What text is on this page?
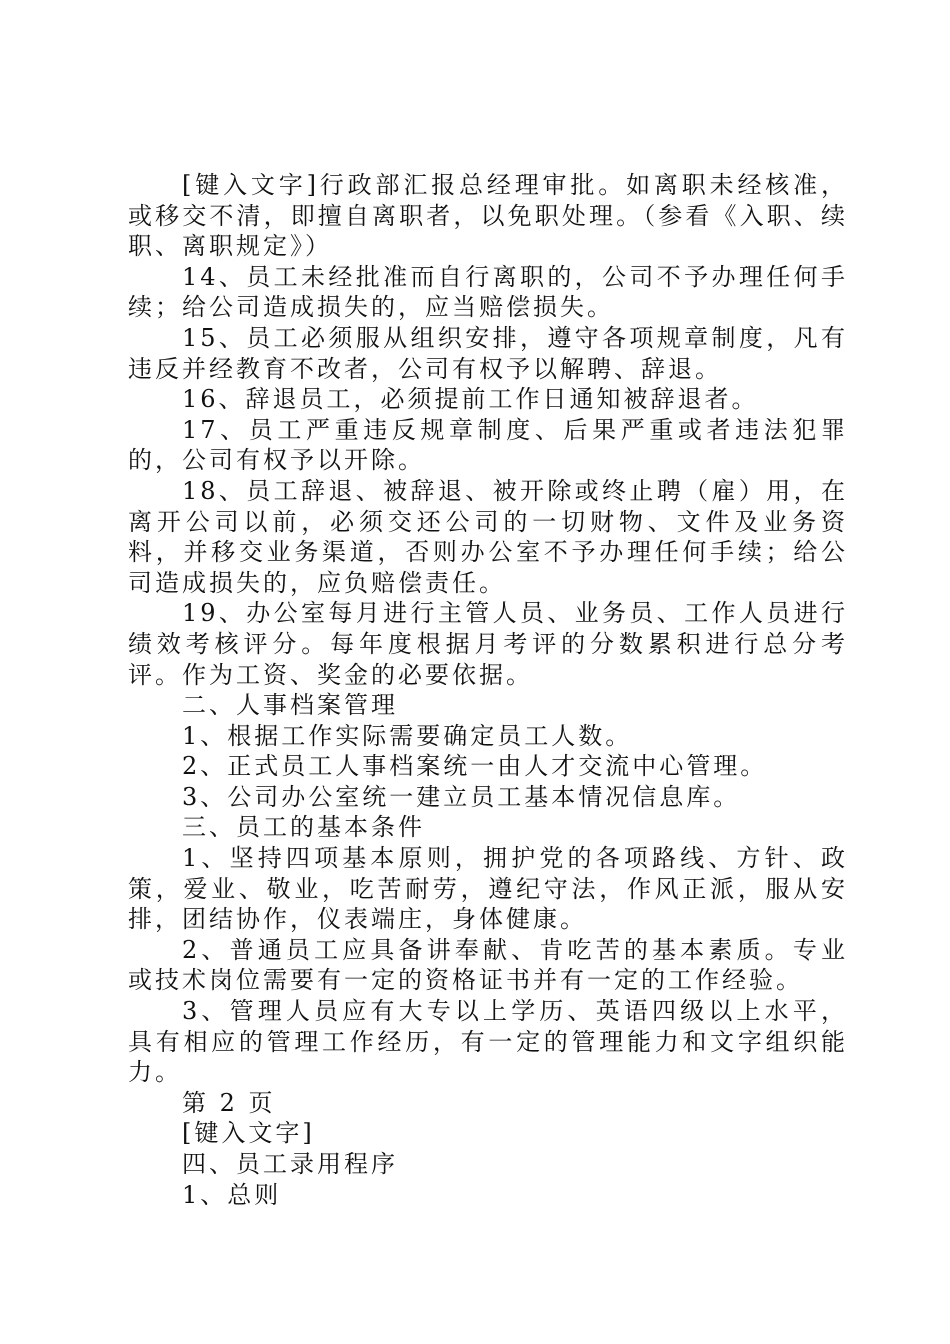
[键入文字]行政部汇报总经理审批。如离职未经核准，或移交不清，即擅自离职者，以免职处理。（参看《入职、续职、离职规定》）

14、员工未经批准而自行离职的，公司不予办理任何手续；给公司造成损失的，应当赔偿损失。

15、员工必须服从组织安排，遵守各项规章制度，凡有违反并经教育不改者，公司有权予以解聘、辞退。

16、辞退员工，必须提前工作日通知被辞退者。

17、员工严重违反规章制度、后果严重或者违法犯罪的，公司有权予以开除。

18、员工辞退、被辞退、被开除或终止聘（雇）用，在离开公司以前，必须交还公司的一切财物、文件及业务资料，并移交业务渠道，否则办公室不予办理任何手续；给公司造成损失的，应负赔偿责任。

19、办公室每月进行主管人员、业务员、工作人员进行绩效考核评分。每年度根据月考评的分数累积进行总分考评。作为工资、奖金的必要依据。

二、人事档案管理

1、根据工作实际需要确定员工人数。

2、正式员工人事档案统一由人才交流中心管理。

3、公司办公室统一建立员工基本情况信息库。

三、员工的基本条件

1、坚持四项基本原则，拥护党的各项路线、方针、政策，爱业、敬业，吃苦耐劳，遵纪守法，作风正派，服从安排，团结协作，仪表端庄，身体健康。

2、普通员工应具备讲奉献、肯吃苦的基本素质。专业或技术岗位需要有一定的资格证书并有一定的工作经验。

3、管理人员应有大专以上学历、英语四级以上水平，具有相应的管理工作经历，有一定的管理能力和文字组织能力。

第 2 页

[键入文字]

四、员工录用程序

1、总则
